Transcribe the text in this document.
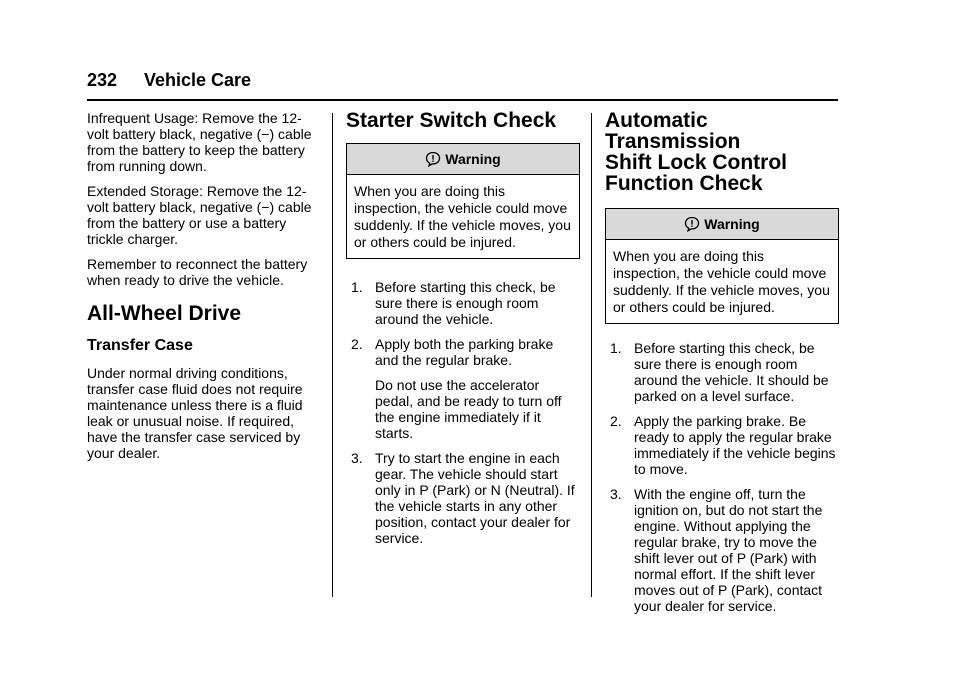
232 Vehicle Care

Infrequent Usage: Remove the 12-volt battery black, negative (−) cable from the battery to keep the battery from running down.

Extended Storage: Remove the 12-volt battery black, negative (−) cable from the battery or use a battery trickle charger.

Remember to reconnect the battery when ready to drive the vehicle.

All-Wheel Drive
Transfer Case

Under normal driving conditions, transfer case fluid does not require maintenance unless there is a fluid leak or unusual noise. If required, have the transfer case serviced by your dealer.

Starter Switch Check
Warning
When you are doing this inspection, the vehicle could move suddenly. If the vehicle moves, you or others could be injured.
1. Before starting this check, be sure there is enough room around the vehicle.

2. Apply both the parking brake and the regular brake.

Do not use the accelerator pedal, and be ready to turn off the engine immediately if it starts.

3. Try to start the engine in each gear. The vehicle should start only in P (Park) or N (Neutral). If the vehicle starts in any other position, contact your dealer for service.

Automatic Transmission
Shift Lock Control
Function Check
Warning
When you are doing this inspection, the vehicle could move suddenly. If the vehicle moves, you or others could be injured.
1. Before starting this check, be sure there is enough room around the vehicle. It should be parked on a level surface.

2. Apply the parking brake. Be ready to apply the regular brake immediately if the vehicle begins to move.

3. With the engine off, turn the ignition on, but do not start the engine. Without applying the regular brake, try to move the shift lever out of P (Park) with normal effort. If the shift lever moves out of P (Park), contact your dealer for service.
